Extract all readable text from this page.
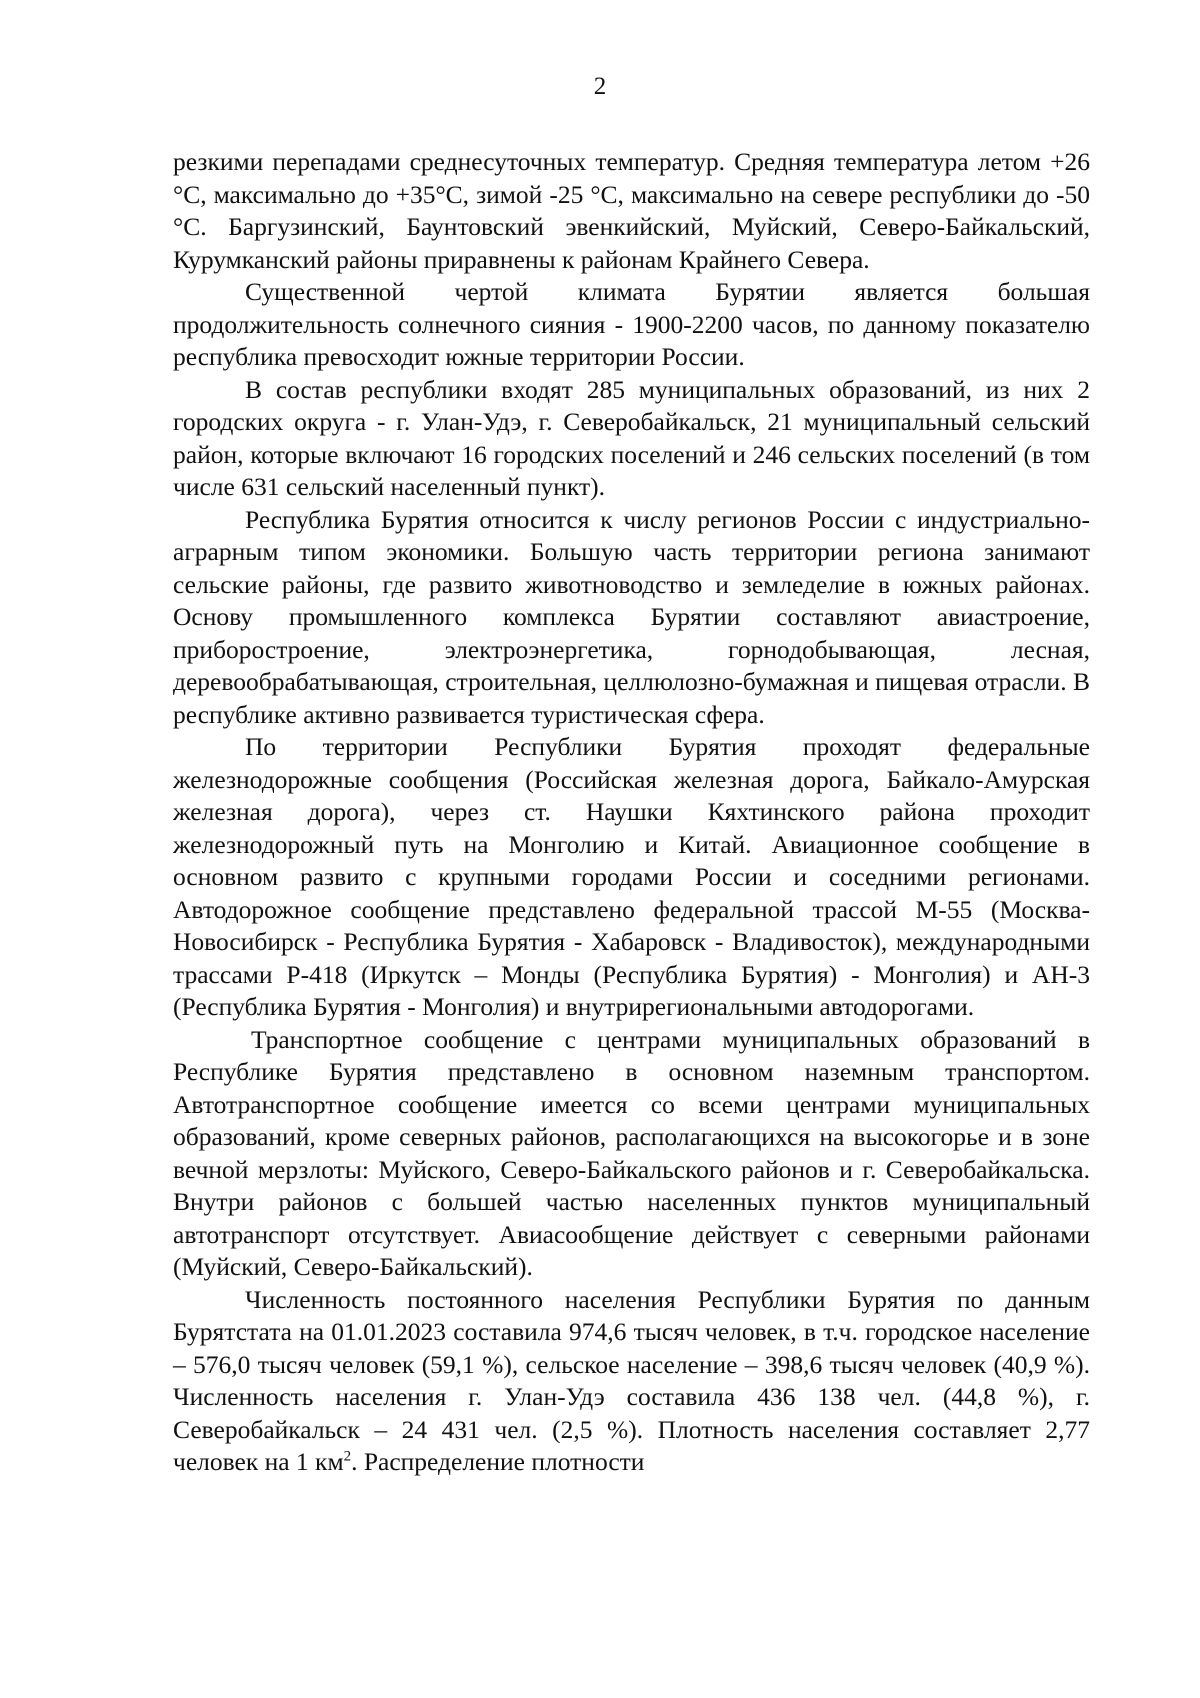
2

резкими перепадами среднесуточных температур. Средняя температура летом +26 °С, максимально до +35°С, зимой -25 °С, максимально на севере республики до -50 °С. Баргузинский, Баунтовский эвенкийский, Муйский, Северо-Байкальский, Курумканский районы приравнены к районам Крайнего Севера.

Существенной чертой климата Бурятии является большая продолжительность солнечного сияния - 1900-2200 часов, по данному показателю республика превосходит южные территории России.

В состав республики входят 285 муниципальных образований, из них 2 городских округа - г. Улан-Удэ, г. Северобайкальск, 21 муниципальный сельский район, которые включают 16 городских поселений и 246 сельских поселений (в том числе 631 сельский населенный пункт).

Республика Бурятия относится к числу регионов России с индустриально-аграрным типом экономики. Большую часть территории региона занимают сельские районы, где развито животноводство и земледелие в южных районах. Основу промышленного комплекса Бурятии составляют авиастроение, приборостроение, электроэнергетика, горнодобывающая, лесная, деревообрабатывающая, строительная, целлюлозно-бумажная и пищевая отрасли. В республике активно развивается туристическая сфера.

По территории Республики Бурятия проходят федеральные железнодорожные сообщения (Российская железная дорога, Байкало-Амурская железная дорога), через ст. Наушки Кяхтинского района проходит железнодорожный путь на Монголию и Китай. Авиационное сообщение в основном развито с крупными городами России и соседними регионами. Автодорожное сообщение представлено федеральной трассой М-55 (Москва-Новосибирск - Республика Бурятия - Хабаровск - Владивосток), международными трассами Р-418 (Иркутск – Монды (Республика Бурятия) - Монголия) и АН-3 (Республика Бурятия - Монголия) и внутрирегиональными автодорогами.

Транспортное сообщение с центрами муниципальных образований в Республике Бурятия представлено в основном наземным транспортом. Автотранспортное сообщение имеется со всеми центрами муниципальных образований, кроме северных районов, располагающихся на высокогорье и в зоне вечной мерзлоты: Муйского, Северо-Байкальского районов и г. Северобайкальска. Внутри районов с большей частью населенных пунктов муниципальный автотранспорт отсутствует. Авиасообщение действует с северными районами (Муйский, Северо-Байкальский).

Численность постоянного населения Республики Бурятия по данным Бурятстата на 01.01.2023 составила 974,6 тысяч человек, в т.ч. городское население – 576,0 тысяч человек (59,1 %), сельское население – 398,6 тысяч человек (40,9 %). Численность населения г. Улан-Удэ составила 436 138 чел. (44,8 %), г. Северобайкальск – 24 431 чел. (2,5 %). Плотность населения составляет 2,77 человек на 1 $км^2$. Распределение плотности
